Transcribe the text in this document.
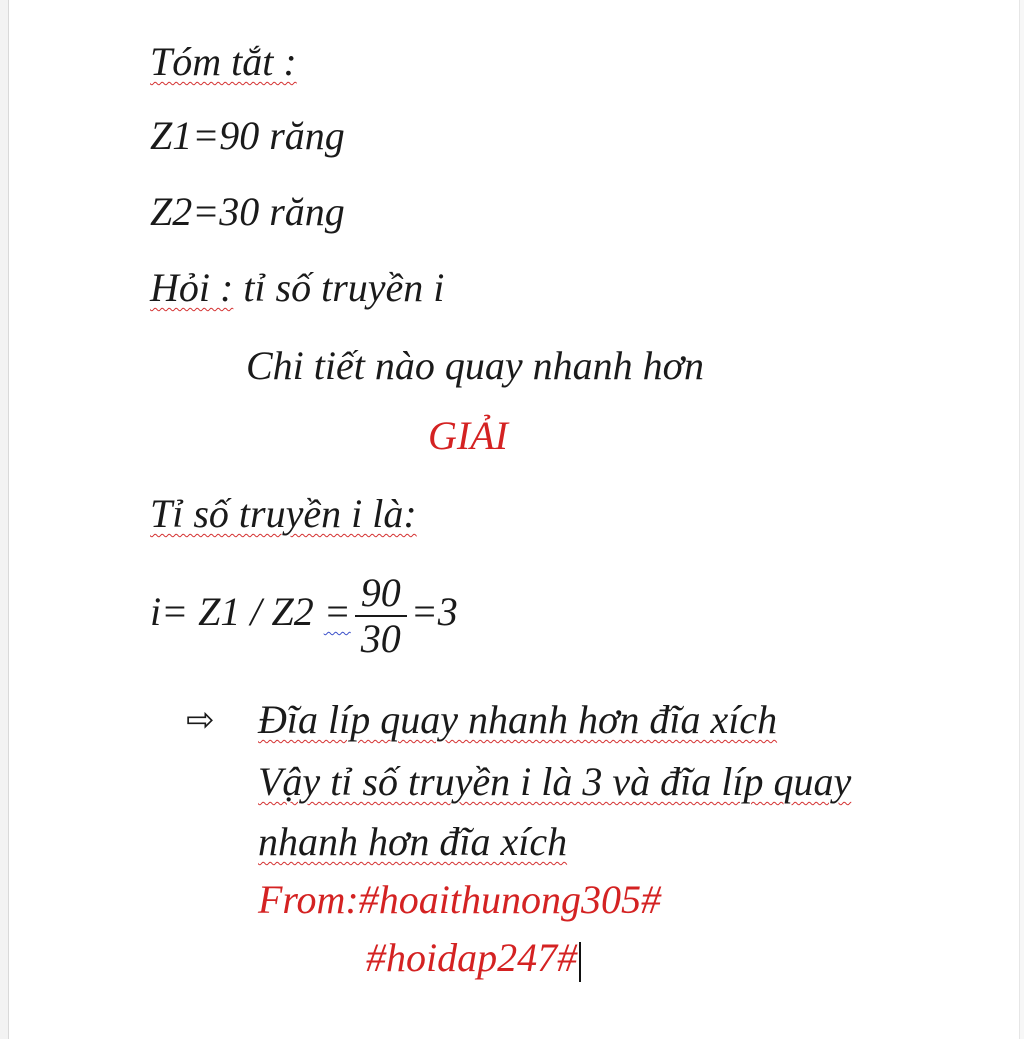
Tóm tắt :
Z1=90 răng
Z2=30 răng
Hỏi : tỉ số truyền i
Chi tiết nào quay nhanh hơn
GIẢI
Tỉ số truyền i là:
$i= Z1 / Z2 = \frac{90}{30} =3$
⇨ Đĩa líp quay nhanh hơn đĩa xích
Vậy tỉ số truyền i là 3 và đĩa líp quay
nhanh hơn đĩa xích
From:#hoaithunong305#
#hoidap247#
